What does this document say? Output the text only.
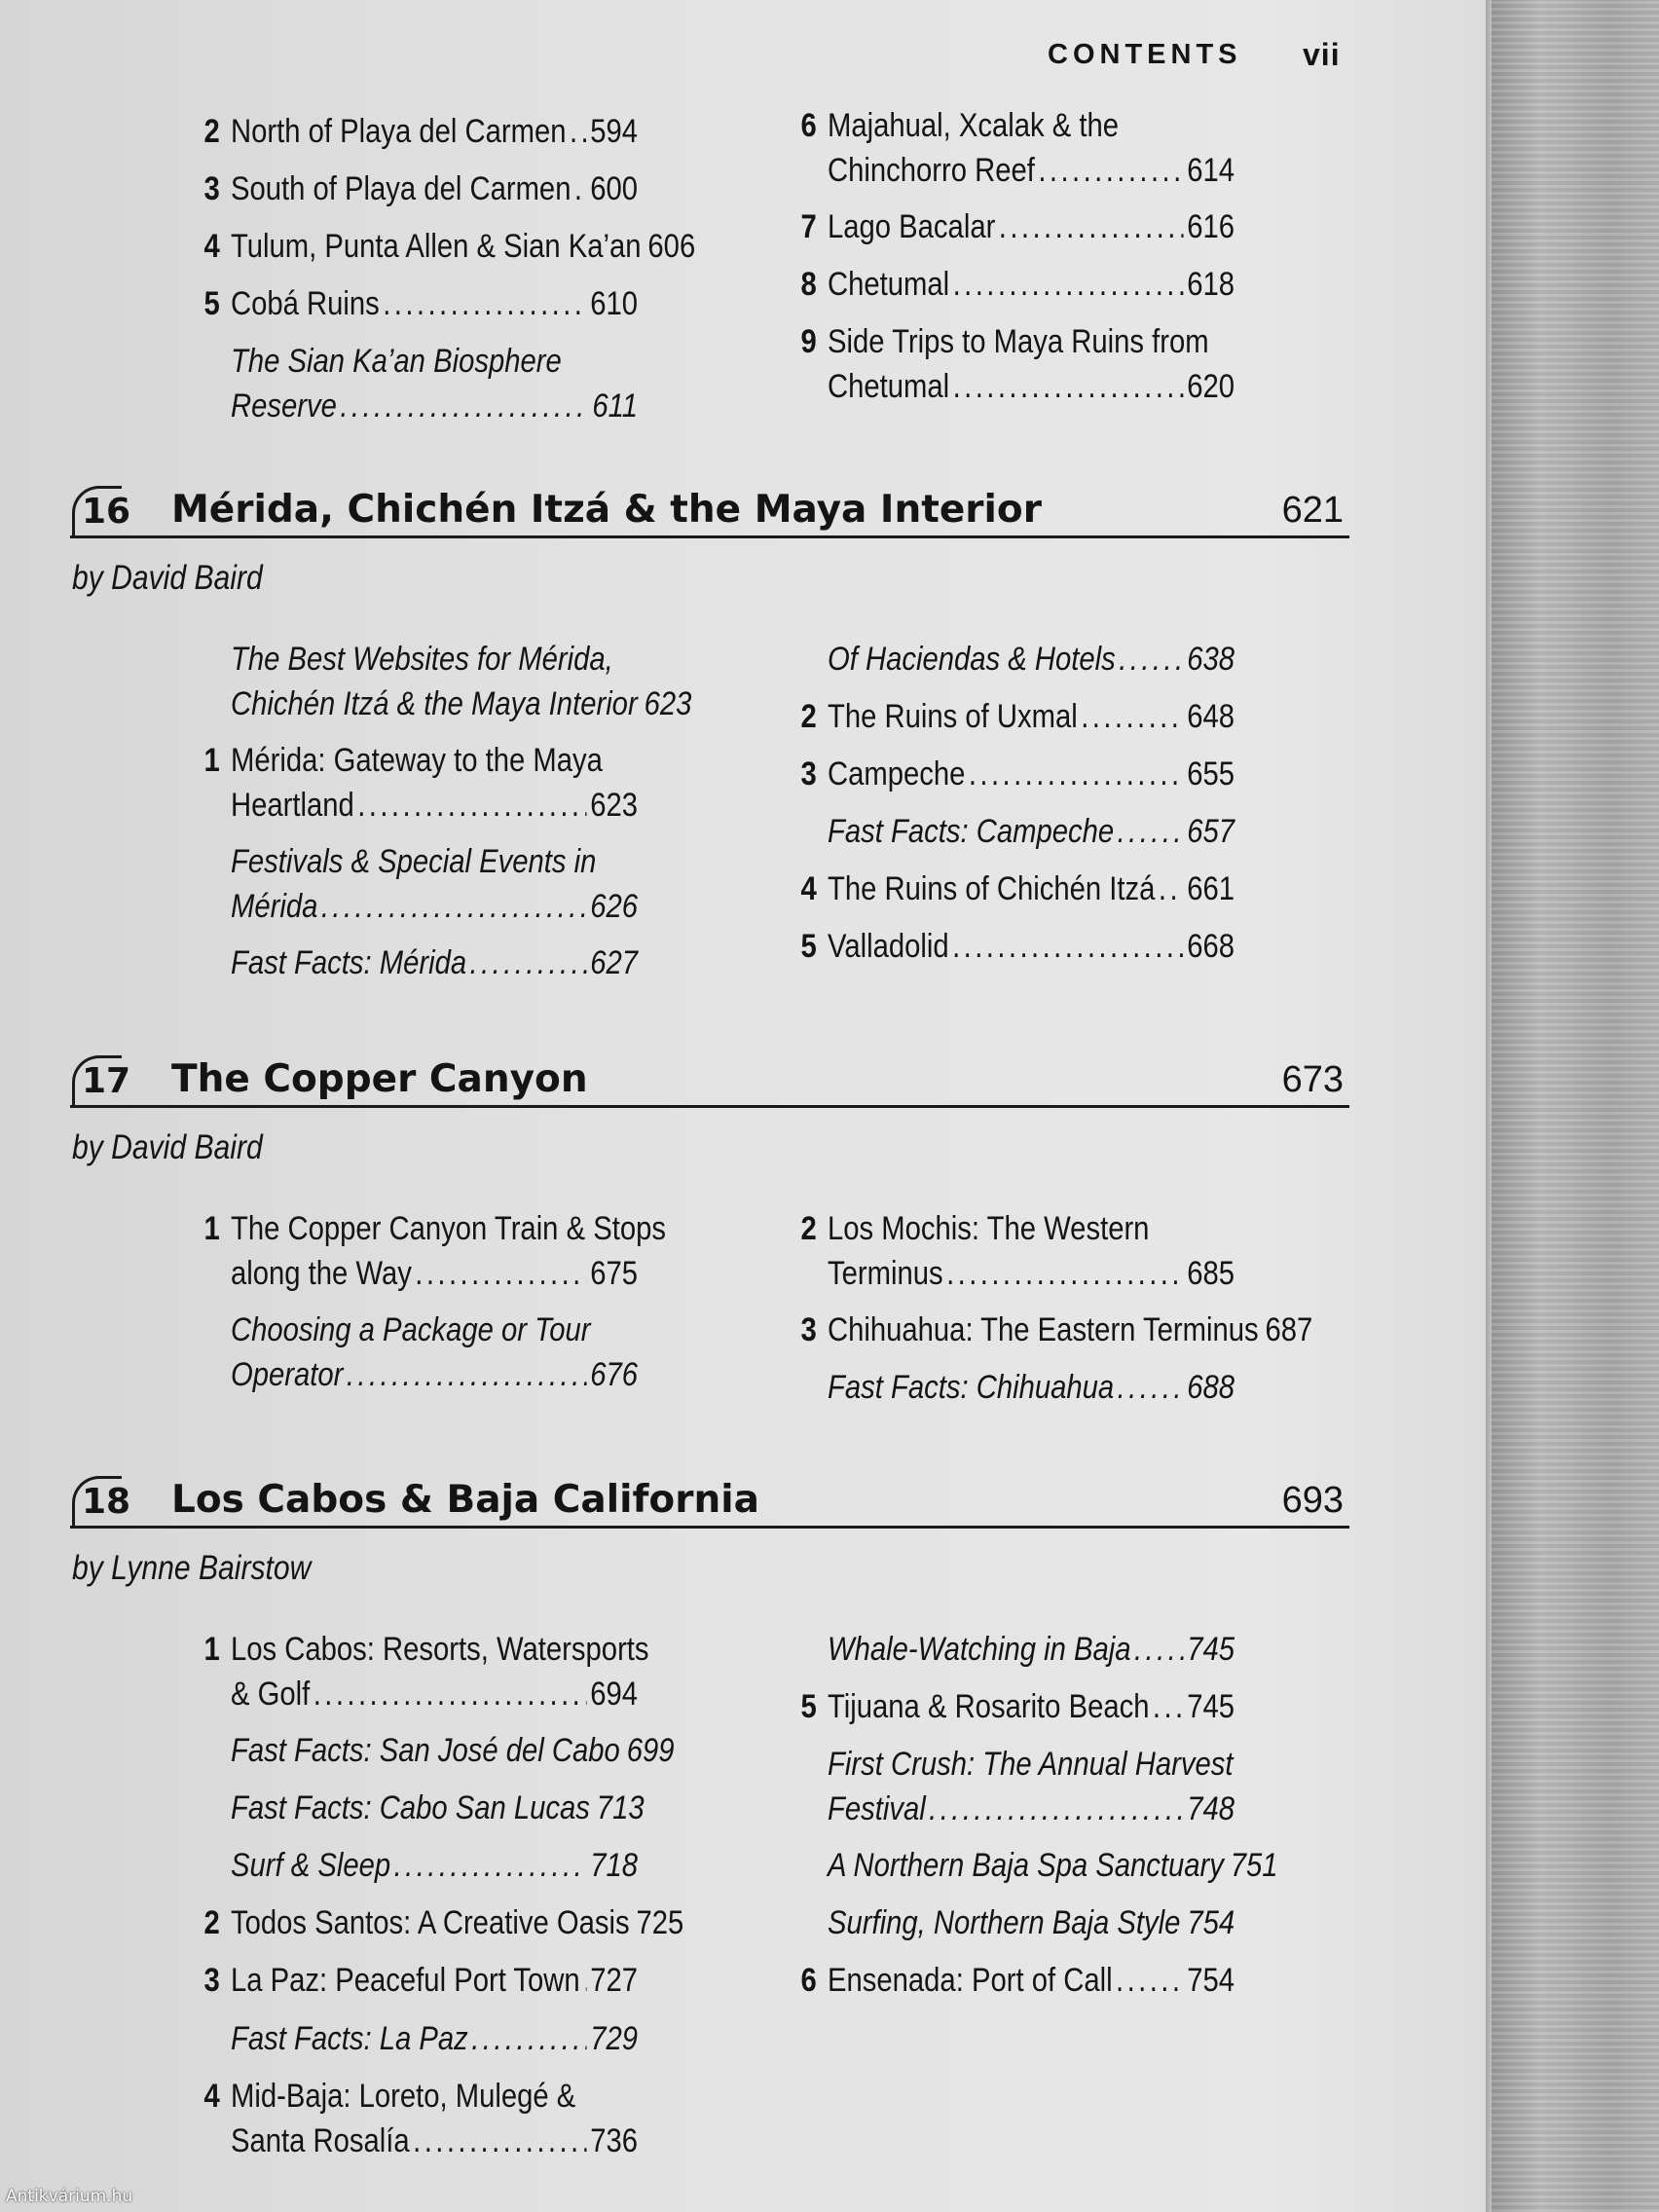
CONTENTS vii
2 North of Playa del Carmen ..... 594
3 South of Playa del Carmen ..... 600
4 Tulum, Punta Allen & Sian Ka’an 606
5 Cobá Ruins .....	610
The Sian Ka’an Biosphere
Reserve .....	611
6 Majahual, Xcalak & the
Chinchorro Reef .....	614
7 Lago Bacalar .....	616
8 Chetumal .....	618
9 Side Trips to Maya Ruins from
Chetumal .....	620
16 Mérida, Chichén Itzá & the Maya Interior	621
by David Baird
The Best Websites for Mérida,
Chichén Itzá & the Maya Interior 623
1 Mérida: Gateway to the Maya
Heartland .....	623
Festivals & Special Events in
Mérida .....	626
Fast Facts: Mérida .....	627
Of Haciendas & Hotels ..... 638
2 The Ruins of Uxmal .....	648
3 Campeche .....	655
Fast Facts: Campeche ..... 657
4 The Ruins of Chichén Itzá ..... 661
5 Valladolid .....	668
17 The Copper Canyon	673
by David Baird
1 The Copper Canyon Train & Stops
along the Way .....	675
Choosing a Package or Tour
Operator .....	676
2 Los Mochis: The Western
Terminus .....	685
3 Chihuahua: The Eastern Terminus 687
Fast Facts: Chihuahua ..... 688
18 Los Cabos & Baja California	693
by Lynne Bairstow
1 Los Cabos: Resorts, Watersports
& Golf .....	694
Fast Facts: San José del Cabo 699
Fast Facts: Cabo San Lucas 713
Surf & Sleep .....	718
2 Todos Santos: A Creative Oasis 725
3 La Paz: Peaceful Port Town ..... 727
Fast Facts: La Paz .....	729
4 Mid-Baja: Loreto, Mulegé &
Santa Rosalía .....	736
Whale-Watching in Baja ..... 745
5 Tijuana & Rosarito Beach ..... 745
First Crush: The Annual Harvest
Festival .....	748
A Northern Baja Spa Sanctuary 751
Surfing, Northern Baja Style 754
6 Ensenada: Port of Call ..... 754
Antikvárium.hu
